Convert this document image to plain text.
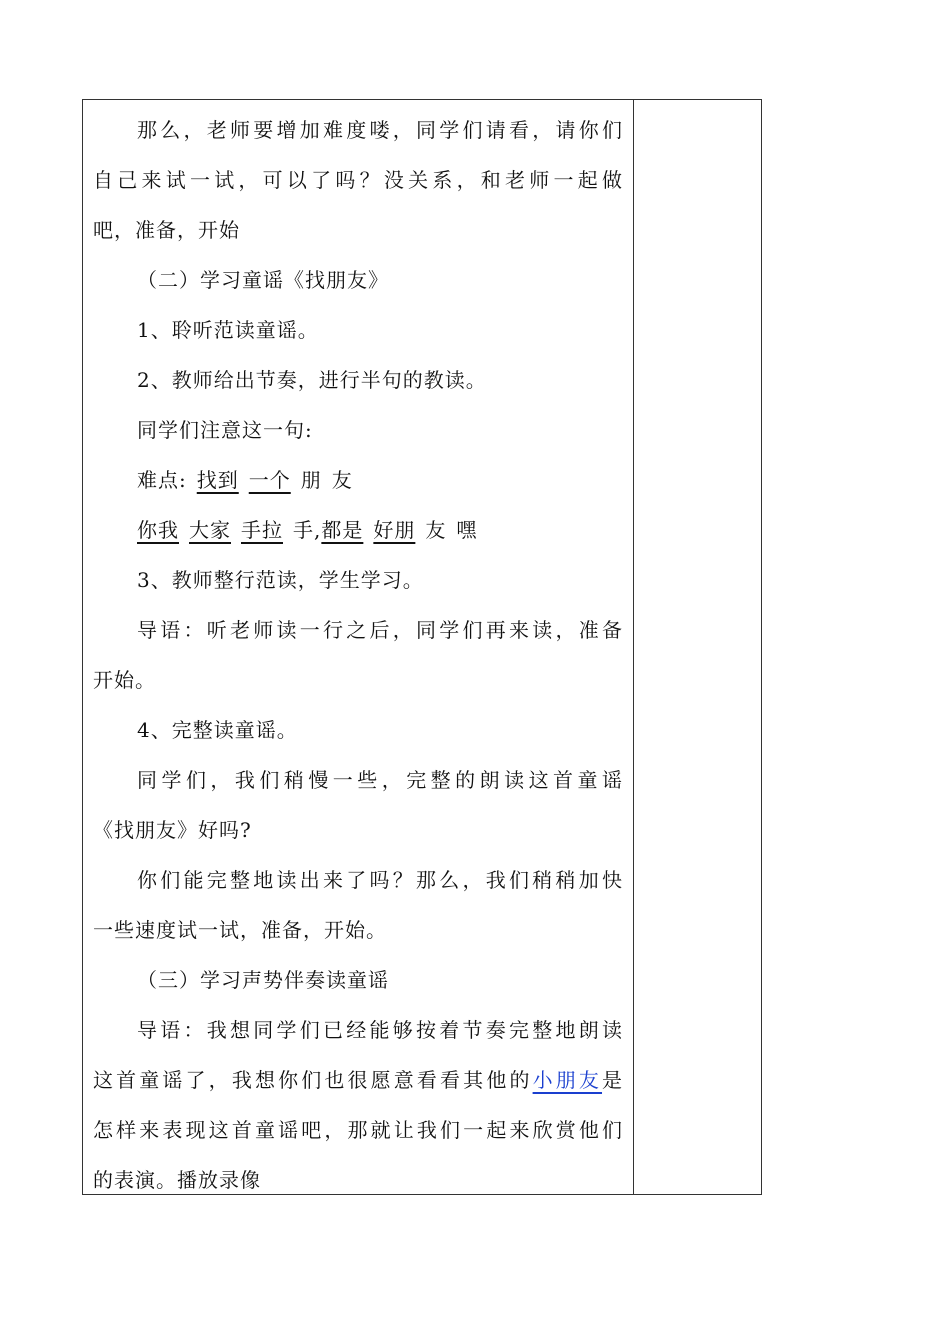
那么，老师要增加难度喽，同学们请看，请你们
自己来试一试，可以了吗？没关系，和老师一起做
吧，准备，开始
（二）学习童谣《找朋友》
1、聆听范读童谣。
2、教师给出节奏，进行半句的教读。
同学们注意这一句:
难点: 找到 一个 朋 友
你我 大家 手拉 手,都是 好朋 友 嘿
3、教师整行范读，学生学习。
导语：听老师读一行之后，同学们再来读，准备
开始。
4、完整读童谣。
同学们，我们稍慢一些，完整的朗读这首童谣
《找朋友》好吗?
你们能完整地读出来了吗？那么，我们稍稍加快
一些速度试一试，准备，开始。
（三）学习声势伴奏读童谣
导语：我想同学们已经能够按着节奏完整地朗读
这首童谣了，我想你们也很愿意看看其他的小朋友是
怎样来表现这首童谣吧，那就让我们一起来欣赏他们
的表演。播放录像
